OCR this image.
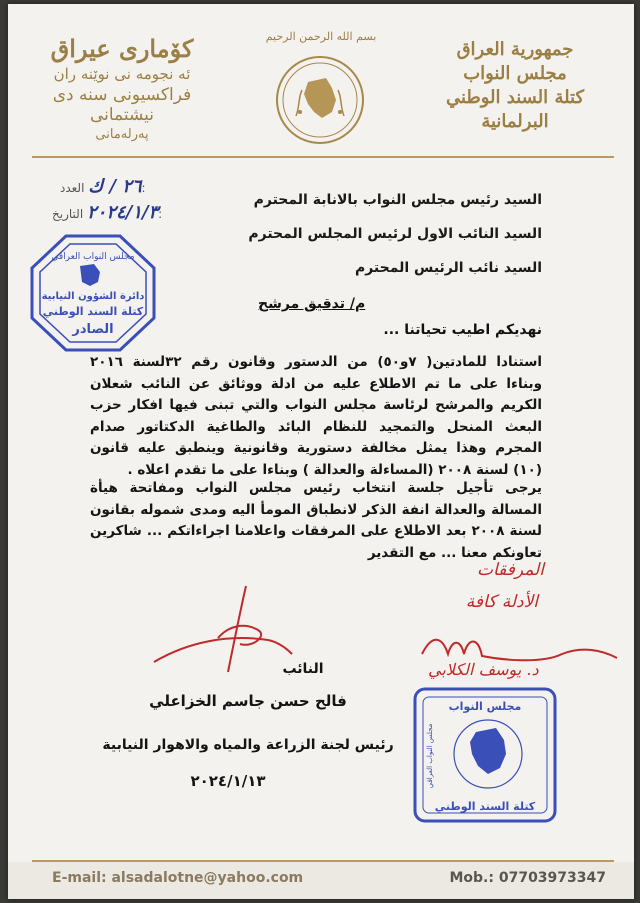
کۆماری عیراق
ئه نجومه نی نوێنه ران
فراکسیونی سنه دی نیشتمانی
پەرلەمانی
بسم الله الرحمن الرحيم
جمهورية العراق
مجلس النواب
كتلة السند الوطني
البرلمانية
٢٦ / ك العدد:
٢٠٢٤/١/٣ التاريخ:
مجلس النواب العراقي
دائرة الشؤون النيابية
كتلة السند الوطني
الصادر
السيد رئيس مجلس النواب بالانابة المحترم
السيد النائب الاول لرئيس المجلس المحترم
السيد نائب الرئيس المحترم
م/ تدقيق مرشح
نهديكم اطيب تحياتنا ...
استنادا للمادتين( ٧و٥٠) من الدستور وقانون رقم ٣٢لسنة ٢٠١٦ وبناءا على ما تم الاطلاع عليه من ادلة ووثائق عن النائب شعلان الكريم والمرشح لرئاسة مجلس النواب والتي تبنى فيها افكار حزب البعث المنحل والتمجيد للنظام البائد والطاغية الدكتاتور صدام المجرم وهذا يمثل مخالفة دستورية وقانونية وينطبق عليه قانون (١٠) لسنة ٢٠٠٨ (المساءلة والعدالة ) وبناءا على ما تقدم اعلاه .
يرجى تأجيل جلسة انتخاب رئيس مجلس النواب ومفاتحة هيأة المسالة والعدالة انفة الذكر لانطباق المومأ اليه ومدى شموله بقانون لسنة ٢٠٠٨ بعد الاطلاع على المرفقات واعلامنا اجراءاتكم ... شاكرين تعاونكم معنا ... مع التقدير
المرفقات
الأدلة كافة
د. يوسف الكلابي
النائب
فالح حسن جاسم الخزاعلي
رئيس لجنة الزراعة والمياه والاهوار النيابية
٢٠٢٤/١/١٣
مجلس النواب
مجلس النواب العراقي
كتلة السند الوطني
E-mail: alsadalotne@yahoo.com	Mob.: 07703973347
